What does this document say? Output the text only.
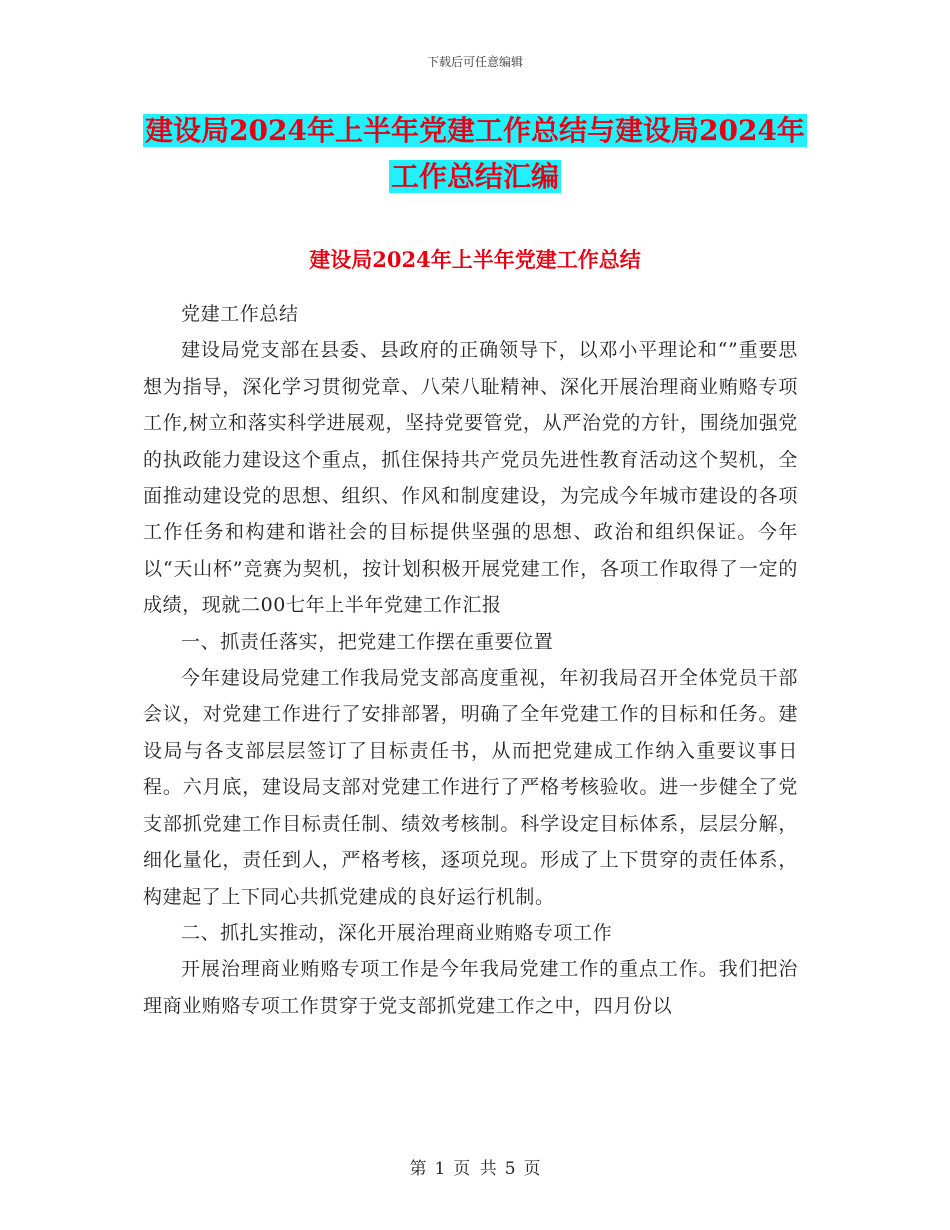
下载后可任意编辑
建设局2024年上半年党建工作总结与建设局2024年
工作总结汇编
建设局2024年上半年党建工作总结

党建工作总结

建设局党支部在县委、县政府的正确领导下，以邓小平理论和“”重要思想为指导，深化学习贯彻党章、八荣八耻精神、深化开展治理商业贿赂专项工作,树立和落实科学进展观，坚持党要管党，从严治党的方针，围绕加强党的执政能力建设这个重点，抓住保持共产党员先进性教育活动这个契机，全面推动建设党的思想、组织、作风和制度建设，为完成今年城市建设的各项工作任务和构建和谐社会的目标提供坚强的思想、政治和组织保证。今年以“天山杯”竞赛为契机，按计划积极开展党建工作，各项工作取得了一定的成绩，现就二00七年上半年党建工作汇报

一、抓责任落实，把党建工作摆在重要位置

今年建设局党建工作我局党支部高度重视，年初我局召开全体党员干部会议，对党建工作进行了安排部署，明确了全年党建工作的目标和任务。建设局与各支部层层签订了目标责任书，从而把党建成工作纳入重要议事日程。六月底，建设局支部对党建工作进行了严格考核验收。进一步健全了党支部抓党建工作目标责任制、绩效考核制。科学设定目标体系，层层分解，细化量化，责任到人，严格考核，逐项兑现。形成了上下贯穿的责任体系，构建起了上下同心共抓党建成的良好运行机制。

二、抓扎实推动，深化开展治理商业贿赂专项工作

开展治理商业贿赂专项工作是今年我局党建工作的重点工作。我们把治理商业贿赂专项工作贯穿于党支部抓党建工作之中，四月份以

第 1 页 共 5 页
